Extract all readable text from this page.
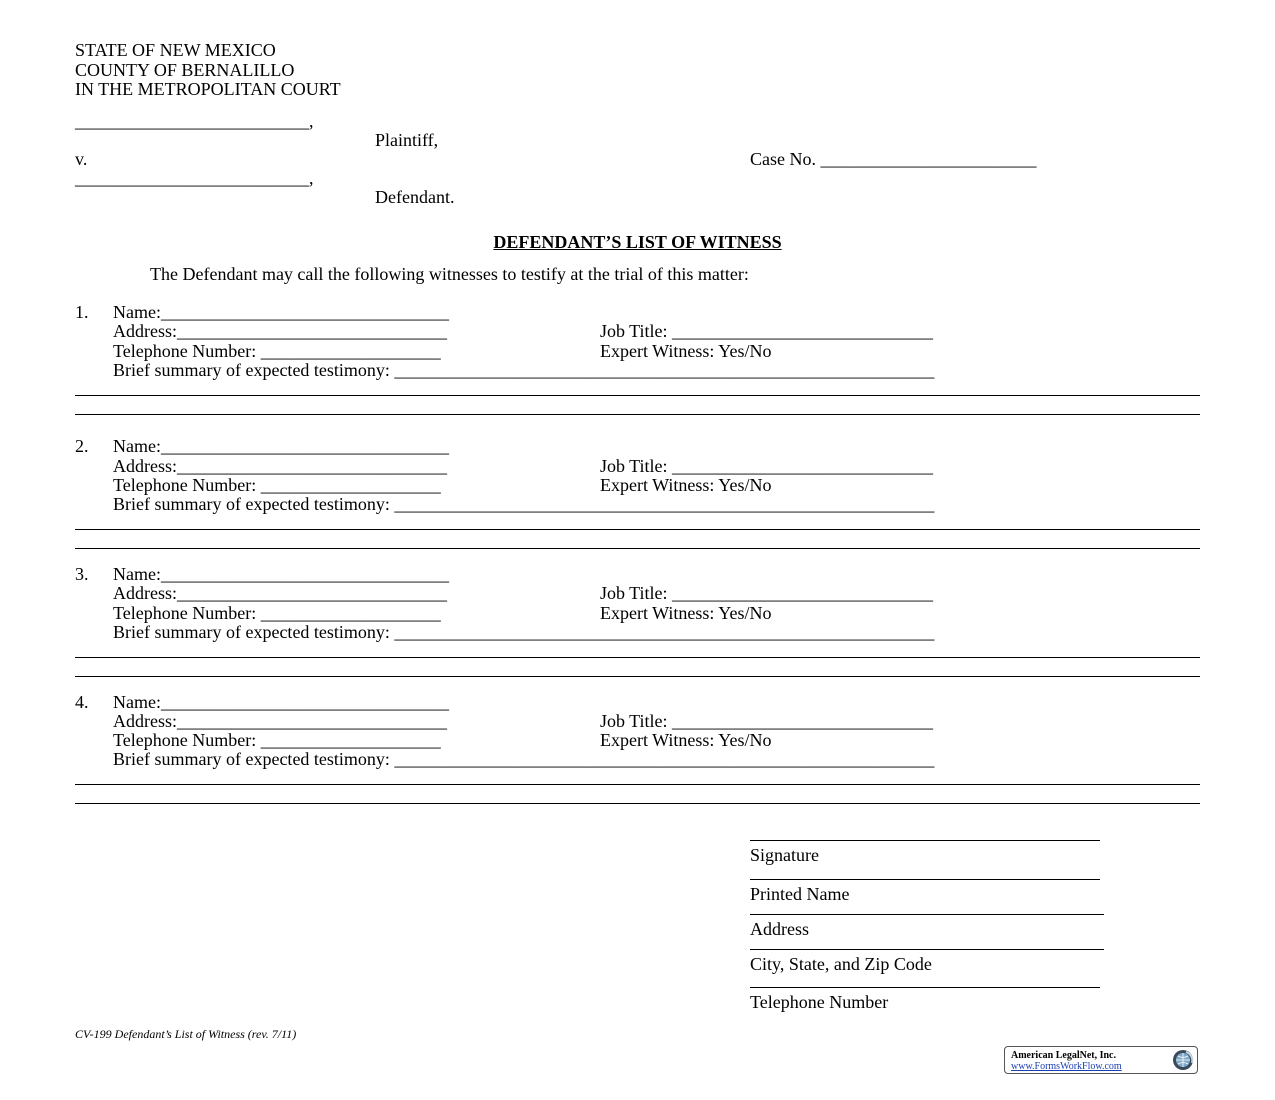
STATE OF NEW MEXICO
COUNTY OF BERNALILLO
IN THE METROPOLITAN COURT
__________________________,
Plaintiff,
v.	Case No. ________________________
__________________________,
Defendant.
DEFENDANT’S LIST OF WITNESS
The Defendant may call the following witnesses to testify at the trial of this matter:
1. Name:________________________________
Address:______________________________	Job Title: _____________________________
Telephone Number: ____________________	Expert Witness: Yes/No
Brief summary of expected testimony: ____________________________________________________________
2. Name:________________________________
Address:______________________________	Job Title: _____________________________
Telephone Number: ____________________	Expert Witness: Yes/No
Brief summary of expected testimony: ____________________________________________________________
3. Name:________________________________
Address:______________________________	Job Title: _____________________________
Telephone Number: ____________________	Expert Witness: Yes/No
Brief summary of expected testimony: ____________________________________________________________
4. Name:________________________________
Address:______________________________	Job Title: _____________________________
Telephone Number: ____________________	Expert Witness: Yes/No
Brief summary of expected testimony: ____________________________________________________________
Signature
Printed Name
Address
City, State, and Zip Code
Telephone Number
CV-199 Defendant’s List of Witness (rev. 7/11)
American LegalNet, Inc.
www.FormsWorkFlow.com
